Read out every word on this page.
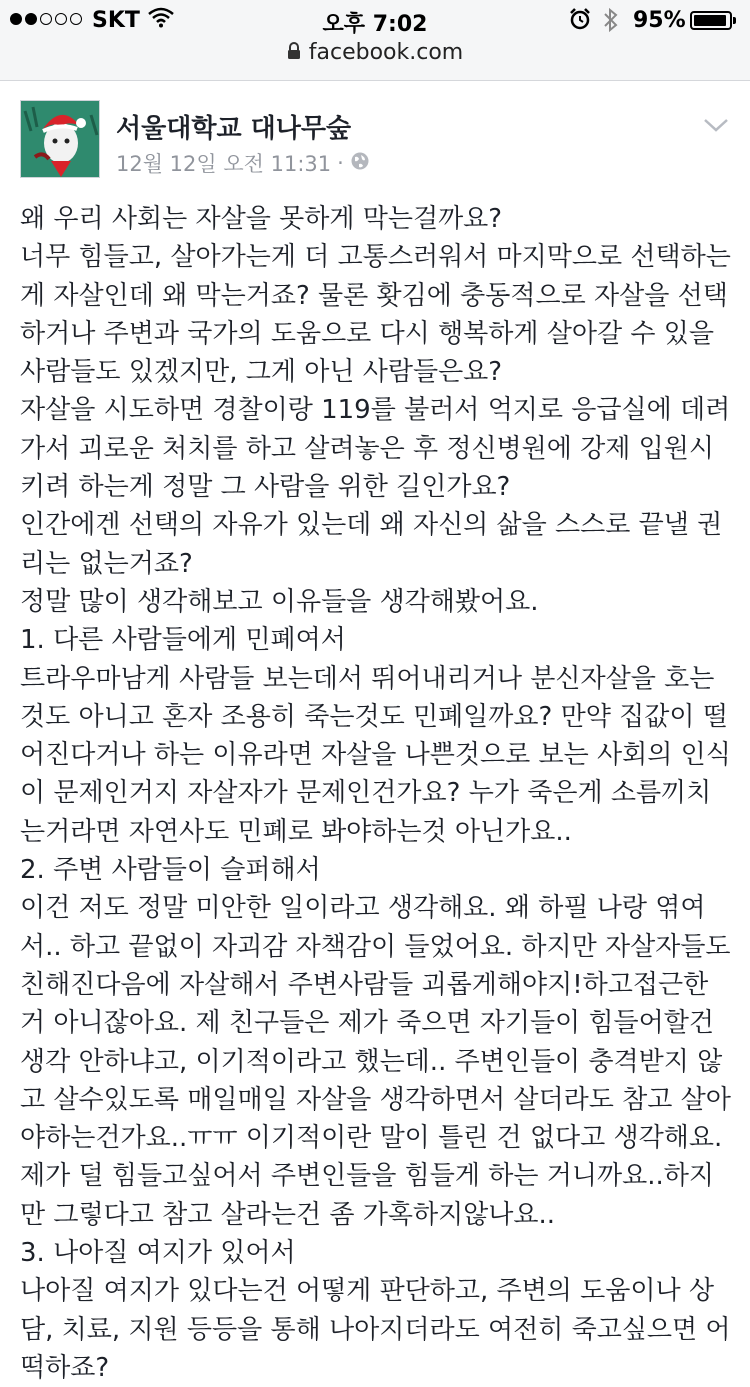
SKT	오후 7:02	95%
facebook.com
서울대학교 대나무숲
12월 12일 오전 11:31 ·

왜 우리 사회는 자살을 못하게 막는걸까요?

너무 힘들고, 살아가는게 더 고통스러워서 마지막으로 선택하는게 자살인데 왜 막는거죠? 물론 홧김에 충동적으로 자살을 선택하거나 주변과 국가의 도움으로 다시 행복하게 살아갈 수 있을 사람들도 있겠지만, 그게 아닌 사람들은요?

자살을 시도하면 경찰이랑 119를 불러서 억지로 응급실에 데려가서 괴로운 처치를 하고 살려놓은 후 정신병원에 강제 입원시키려 하는게 정말 그 사람을 위한 길인가요?

인간에겐 선택의 자유가 있는데 왜 자신의 삶을 스스로 끝낼 권리는 없는거죠?

정말 많이 생각해보고 이유들을 생각해봤어요.

1. 다른 사람들에게 민폐여서

트라우마남게 사람들 보는데서 뛰어내리거나 분신자살을 호는것도 아니고 혼자 조용히 죽는것도 민폐일까요? 만약 집값이 떨어진다거나 하는 이유라면 자살을 나쁜것으로 보는 사회의 인식이 문제인거지 자살자가 문제인건가요? 누가 죽은게 소름끼치는거라면 자연사도 민폐로 봐야하는것 아닌가요..

2. 주변 사람들이 슬퍼해서

이건 저도 정말 미안한 일이라고 생각해요. 왜 하필 나랑 엮여서.. 하고 끝없이 자괴감 자책감이 들었어요. 하지만 자살자들도 친해진다음에 자살해서 주변사람들 괴롭게해야지!하고접근한거 아니잖아요. 제 친구들은 제가 죽으면 자기들이 힘들어할건 생각 안하냐고, 이기적이라고 했는데.. 주변인들이 충격받지 않고 살수있도록 매일매일 자살을 생각하면서 살더라도 참고 살아야하는건가요..ㅠㅠ 이기적이란 말이 틀린 건 없다고 생각해요. 제가 덜 힘들고싶어서 주변인들을 힘들게 하는 거니까요..하지만 그렇다고 참고 살라는건 좀 가혹하지않나요..

3. 나아질 여지가 있어서

나아질 여지가 있다는건 어떻게 판단하고, 주변의 도움이나 상담, 치료, 지원 등등을 통해 나아지더라도 여전히 죽고싶으면 어떡하죠?
